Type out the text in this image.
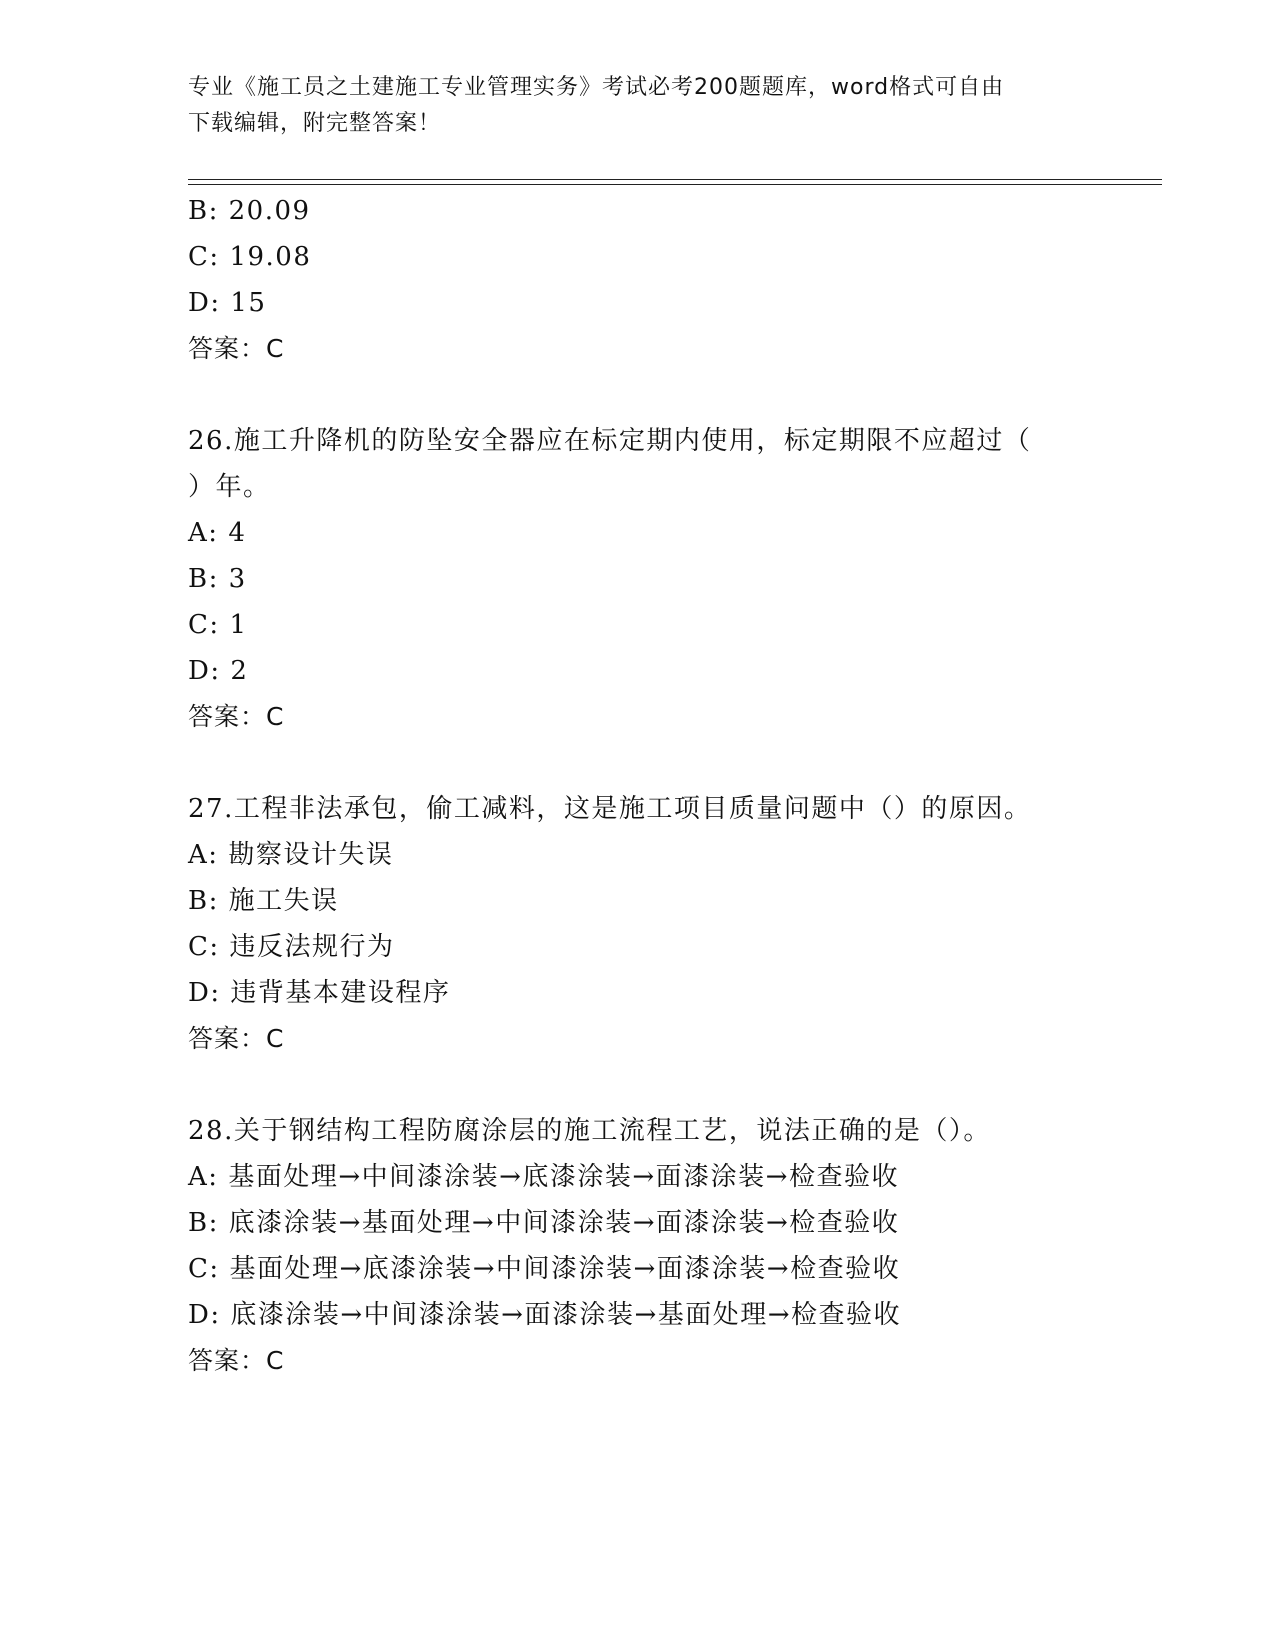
专业《施工员之土建施工专业管理实务》考试必考200题题库，word格式可自由
下载编辑，附完整答案！
B: 20.09
C: 19.08
D: 15
答案：C
26.施工升降机的防坠安全器应在标定期内使用，标定期限不应超过（
）年。
A: 4
B: 3
C: 1
D: 2
答案：C
27.工程非法承包，偷工减料，这是施工项目质量问题中（）的原因。
A: 勘察设计失误
B: 施工失误
C: 违反法规行为
D: 违背基本建设程序
答案：C
28.关于钢结构工程防腐涂层的施工流程工艺，说法正确的是（）。
A: 基面处理→中间漆涂装→底漆涂装→面漆涂装→检查验收
B: 底漆涂装→基面处理→中间漆涂装→面漆涂装→检查验收
C: 基面处理→底漆涂装→中间漆涂装→面漆涂装→检查验收
D: 底漆涂装→中间漆涂装→面漆涂装→基面处理→检查验收
答案：C
